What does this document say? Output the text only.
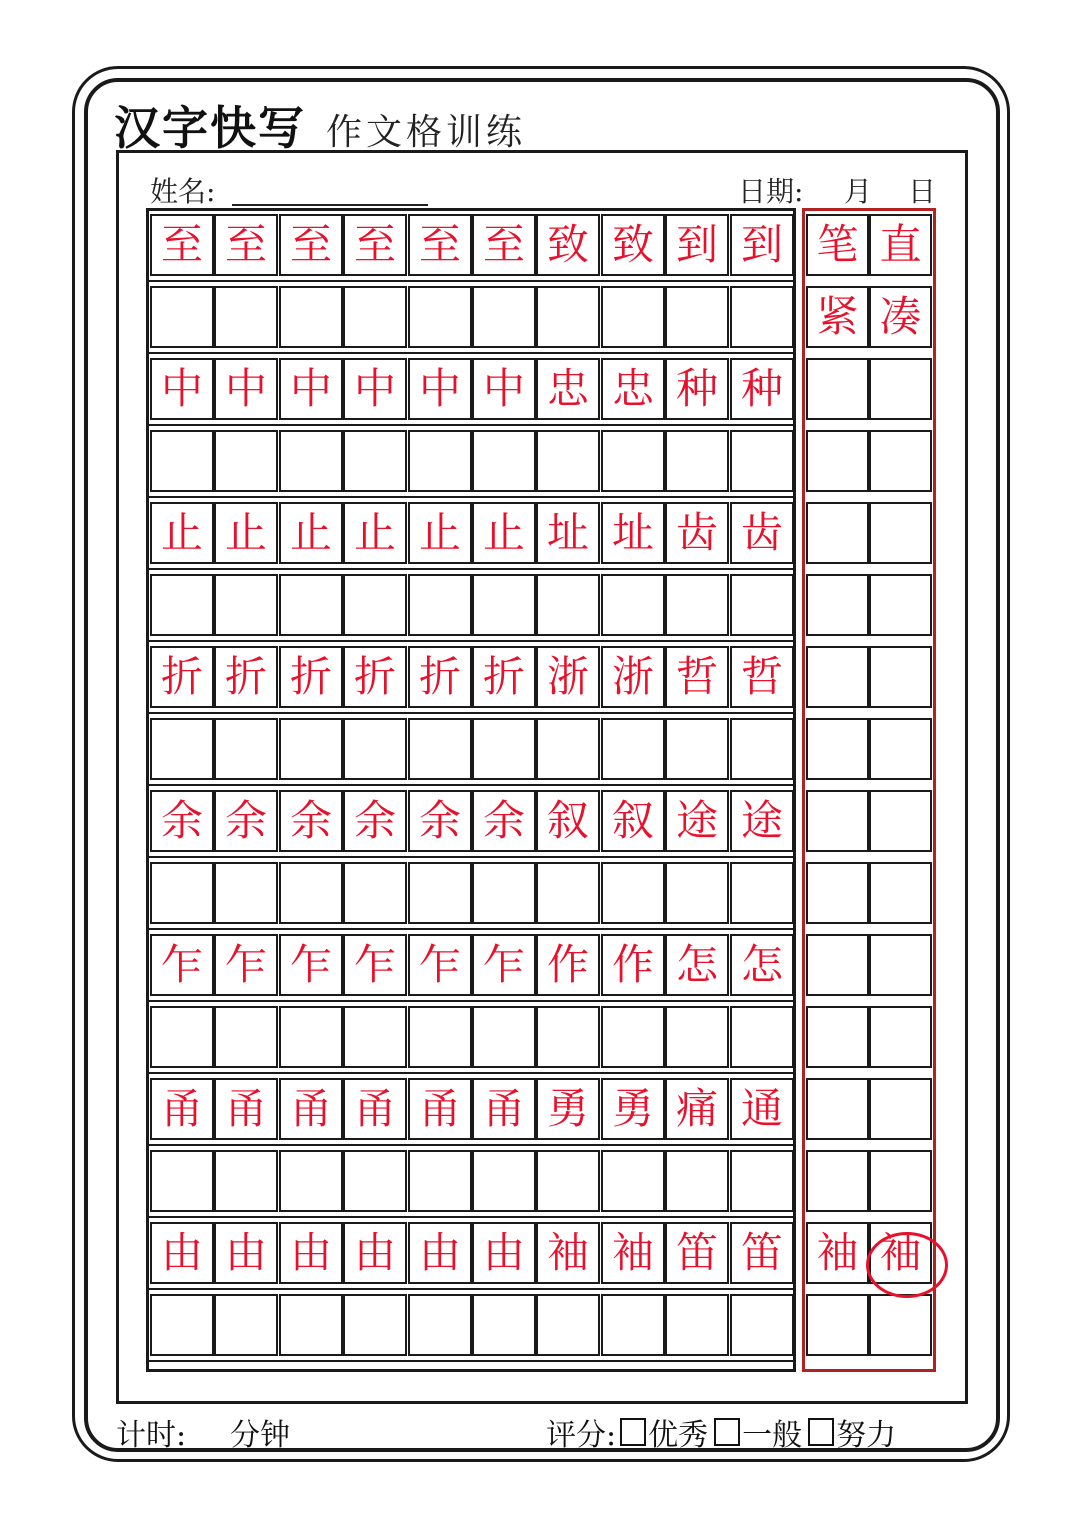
汉字快写 作文格训练
姓名:	日期: 月 日
至 至 至 至 至 至 致 致 到 到 笔 直
紧 凑
中 中 中 中 中 中 忠 忠 种 种
止 止 止 止 止 止 址 址 齿 齿
折 折 折 折 折 折 浙 浙 哲 哲
余 余 余 余 余 余 叙 叙 途 途
乍 乍 乍 乍 乍 乍 作 作 怎 怎
甬 甬 甬 甬 甬 甬 勇 勇 痛 通
由 由 由 由 由 由 袖 袖 笛 笛 袖 袖
计时: 分钟	评分: 优秀 一般 努力
